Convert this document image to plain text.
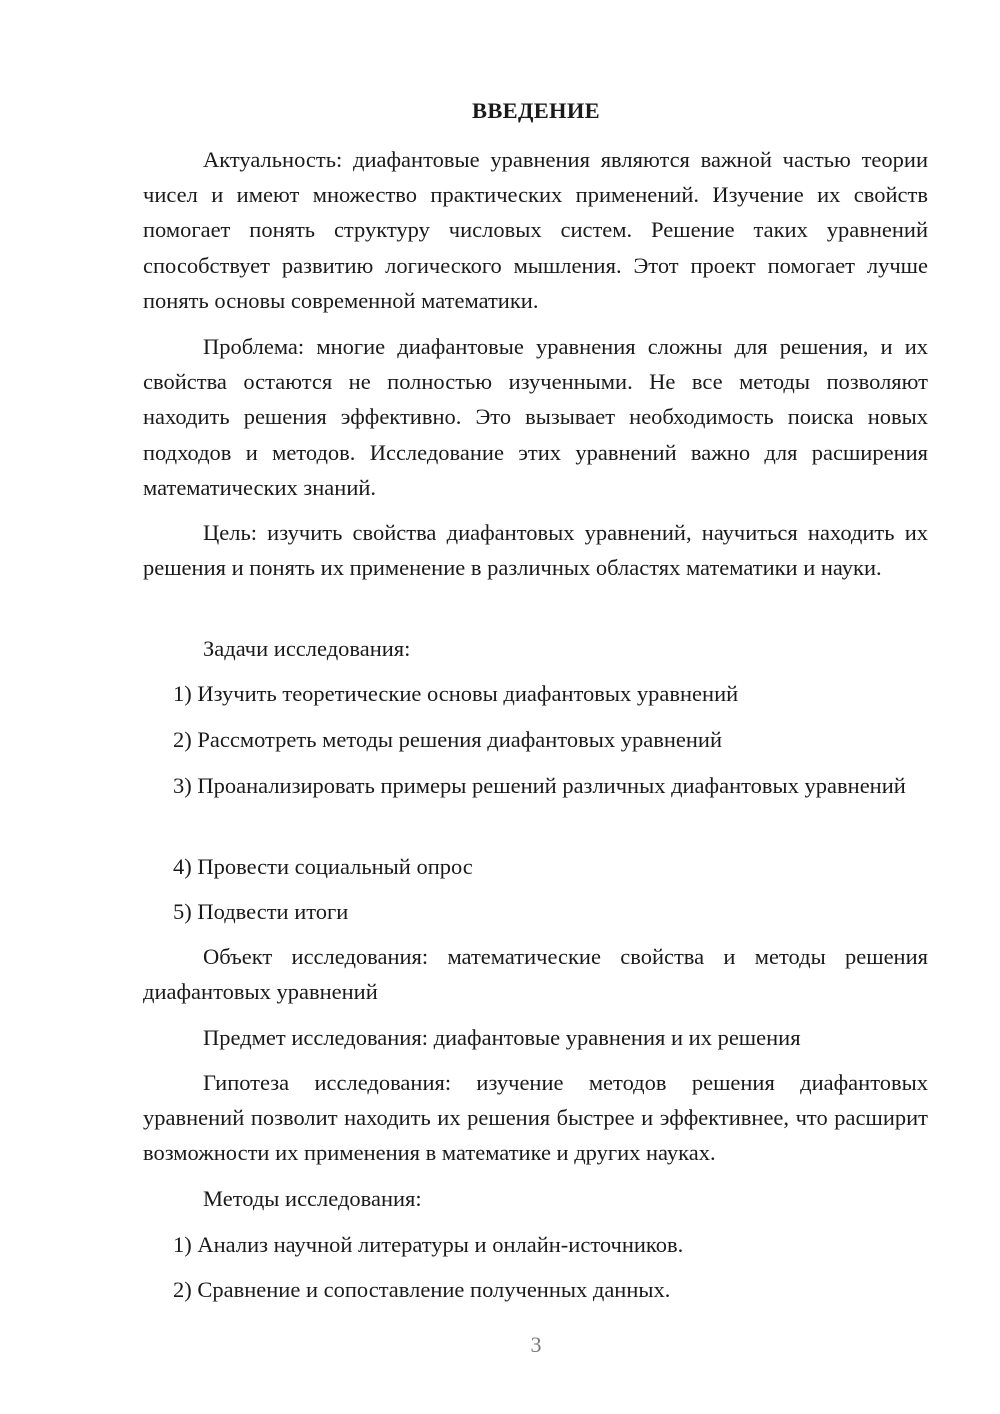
ВВЕДЕНИЕ

Актуальность: диафантовые уравнения являются важной частью теории чисел и имеют множество практических применений. Изучение их свойств помогает понять структуру числовых систем. Решение таких уравнений способствует развитию логического мышления. Этот проект помогает лучше понять основы современной математики.

Проблема: многие диафантовые уравнения сложны для решения, и их свойства остаются не полностью изученными. Не все методы позволяют находить решения эффективно. Это вызывает необходимость поиска новых подходов и методов. Исследование этих уравнений важно для расширения математических знаний.

Цель: изучить свойства диафантовых уравнений, научиться находить их решения и понять их применение в различных областях математики и науки.

Задачи исследования:

1) Изучить теоретические основы диафантовых уравнений

2) Рассмотреть методы решения диафантовых уравнений

3) Проанализировать примеры решений различных диафантовых уравнений

4) Провести социальный опрос

5) Подвести итоги

Объект исследования: математические свойства и методы решения диафантовых уравнений

Предмет исследования: диафантовые уравнения и их решения

Гипотеза исследования: изучение методов решения диафантовых уравнений позволит находить их решения быстрее и эффективнее, что расширит возможности их применения в математике и других науках.

Методы исследования:

1) Анализ научной литературы и онлайн-источников.

2) Сравнение и сопоставление полученных данных.

3
